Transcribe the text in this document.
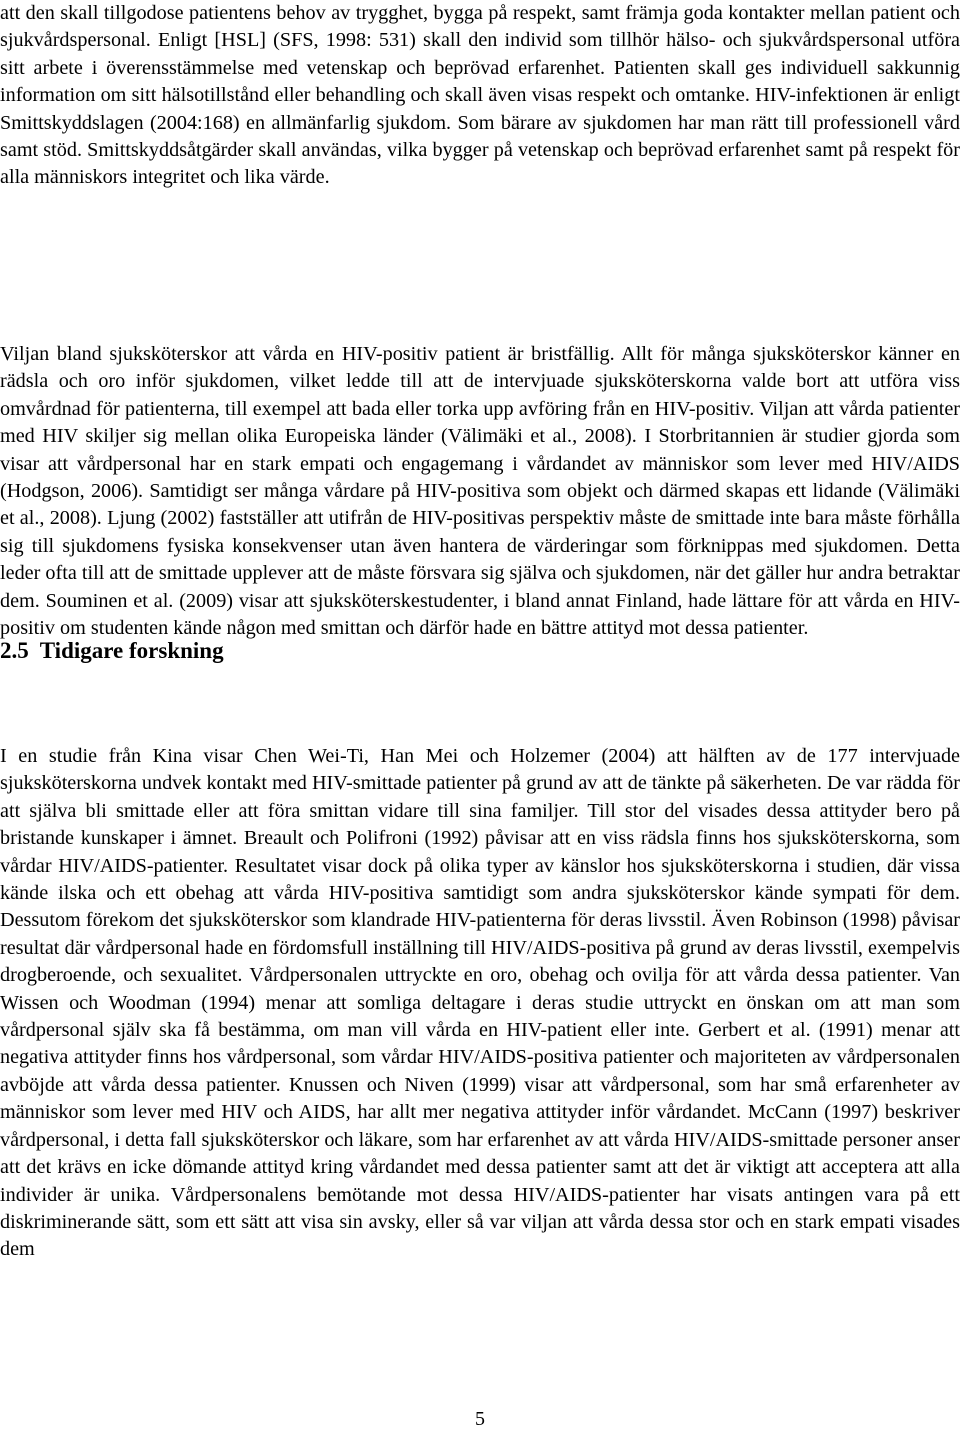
att den skall tillgodose patientens behov av trygghet, bygga på respekt, samt främja goda kontakter mellan patient och sjukvårdspersonal. Enligt [HSL] (SFS, 1998: 531) skall den individ som tillhör hälso- och sjukvårdspersonal utföra sitt arbete i överensstämmelse med vetenskap och beprövad erfarenhet. Patienten skall ges individuell sakkunnig information om sitt hälsotillstånd eller behandling och skall även visas respekt och omtanke. HIV-infektionen är enligt Smittskyddslagen (2004:168) en allmänfarlig sjukdom. Som bärare av sjukdomen har man rätt till professionell vård samt stöd. Smittskyddsåtgärder skall användas, vilka bygger på vetenskap och beprövad erfarenhet samt på respekt för alla människors integritet och lika värde.

2.5 Tidigare forskning

Viljan bland sjuksköterskor att vårda en HIV-positiv patient är bristfällig. Allt för många sjuksköterskor känner en rädsla och oro inför sjukdomen, vilket ledde till att de intervjuade sjuksköterskorna valde bort att utföra viss omvårdnad för patienterna, till exempel att bada eller torka upp avföring från en HIV-positiv. Viljan att vårda patienter med HIV skiljer sig mellan olika Europeiska länder (Välimäki et al., 2008). I Storbritannien är studier gjorda som visar att vårdpersonal har en stark empati och engagemang i vårdandet av människor som lever med HIV/AIDS (Hodgson, 2006). Samtidigt ser många vårdare på HIV-positiva som objekt och därmed skapas ett lidande (Välimäki et al., 2008). Ljung (2002) fastställer att utifrån de HIV-positivas perspektiv måste de smittade inte bara måste förhålla sig till sjukdomens fysiska konsekvenser utan även hantera de värderingar som förknippas med sjukdomen. Detta leder ofta till att de smittade upplever att de måste försvara sig själva och sjukdomen, när det gäller hur andra betraktar dem. Souminen et al. (2009) visar att sjuksköterskestudenter, i bland annat Finland, hade lättare för att vårda en HIV-positiv om studenten kände någon med smittan och därför hade en bättre attityd mot dessa patienter.

I en studie från Kina visar Chen Wei-Ti, Han Mei och Holzemer (2004) att hälften av de 177 intervjuade sjuksköterskorna undvek kontakt med HIV-smittade patienter på grund av att de tänkte på säkerheten. De var rädda för att själva bli smittade eller att föra smittan vidare till sina familjer. Till stor del visades dessa attityder bero på bristande kunskaper i ämnet. Breault och Polifroni (1992) påvisar att en viss rädsla finns hos sjuksköterskorna, som vårdar HIV/AIDS-patienter. Resultatet visar dock på olika typer av känslor hos sjuksköterskorna i studien, där vissa kände ilska och ett obehag att vårda HIV-positiva samtidigt som andra sjuksköterskor kände sympati för dem. Dessutom förekom det sjuksköterskor som klandrade HIV-patienterna för deras livsstil. Även Robinson (1998) påvisar resultat där vårdpersonal hade en fördomsfull inställning till HIV/AIDS-positiva på grund av deras livsstil, exempelvis drogberoende, och sexualitet. Vårdpersonalen uttryckte en oro, obehag och ovilja för att vårda dessa patienter. Van Wissen och Woodman (1994) menar att somliga deltagare i deras studie uttryckt en önskan om att man som vårdpersonal själv ska få bestämma, om man vill vårda en HIV-patient eller inte. Gerbert et al. (1991) menar att negativa attityder finns hos vårdpersonal, som vårdar HIV/AIDS-positiva patienter och majoriteten av vårdpersonalen avböjde att vårda dessa patienter. Knussen och Niven (1999) visar att vårdpersonal, som har små erfarenheter av människor som lever med HIV och AIDS, har allt mer negativa attityder inför vårdandet. McCann (1997) beskriver vårdpersonal, i detta fall sjuksköterskor och läkare, som har erfarenhet av att vårda HIV/AIDS-smittade personer anser att det krävs en icke dömande attityd kring vårdandet med dessa patienter samt att det är viktigt att acceptera att alla individer är unika. Vårdpersonalens bemötande mot dessa HIV/AIDS-patienter har visats antingen vara på ett diskriminerande sätt, som ett sätt att visa sin avsky, eller så var viljan att vårda dessa stor och en stark empati visades dem

5
